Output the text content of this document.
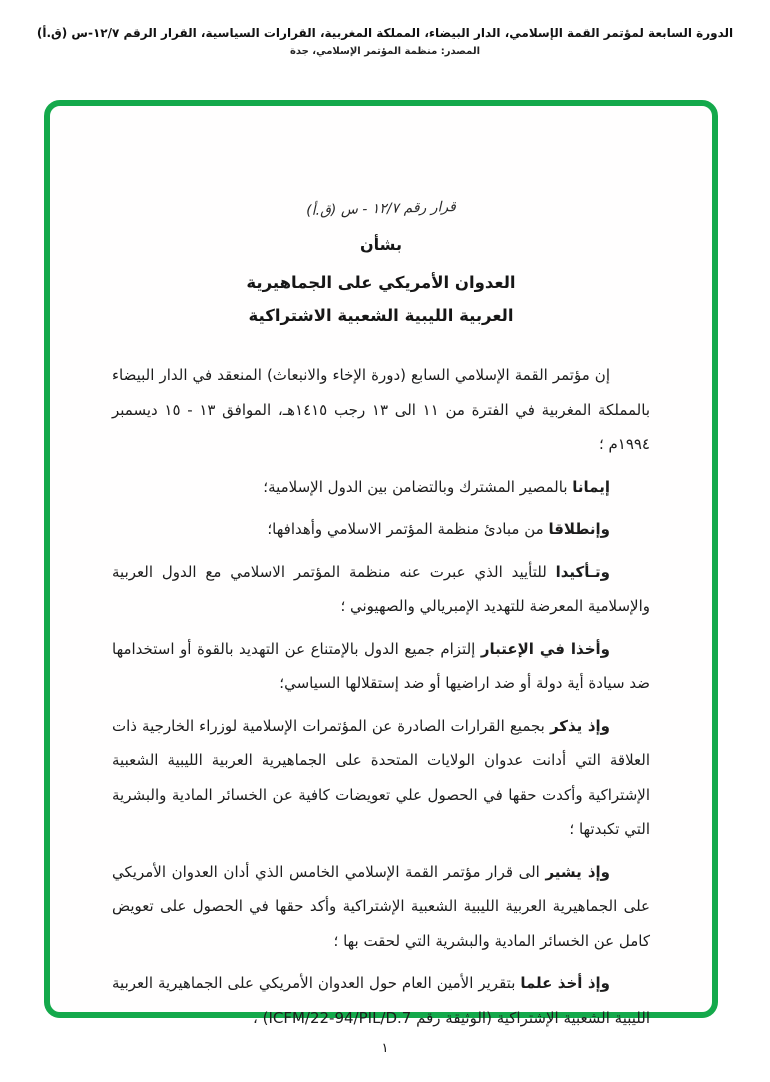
الدورة السابعة لمؤتمر القمة الإسلامي، الدار البيضاء، المملكة المغربية، القرارات السياسية، القرار الرقم ١٢/٧-س (ق.أ)
المصدر: منظمة المؤتمر الإسلامي، جدة
قرار رقم ١٢/٧ - س (ق.أ)
بشأن
العدوان الأمريكي على الجماهيرية
العربية الليبية الشعبية الاشتراكية

إن مؤتمر القمة الإسلامي السابع (دورة الإخاء والانبعاث) المنعقد في الدار البيضاء بالمملكة المغربية في الفترة من ١١ الى ١٣ رجب ١٤١٥هـ، الموافق ١٣ - ١٥ ديسمبر ١٩٩٤م ؛

إيمانا بالمصير المشترك وبالتضامن بين الدول الإسلامية؛

وإنطلاقا من مبادئ منظمة المؤتمر الاسلامي وأهدافها؛

وتـأكيدا للتأييد الذي عبرت عنه منظمة المؤتمر الاسلامي مع الدول العربية والإسلامية المعرضة للتهديد الإمبريالي والصهيوني ؛

وأخذا في الإعتبار إلتزام جميع الدول بالإمتناع عن التهديد بالقوة أو استخدامها ضد سيادة أية دولة أو ضد اراضيها أو ضد إستقلالها السياسي؛

وإذ يذكر بجميع القرارات الصادرة عن المؤتمرات الإسلامية لوزراء الخارجية ذات العلاقة التي أدانت عدوان الولايات المتحدة على الجماهيرية العربية الليبية الشعبية الإشتراكية وأكدت حقها في الحصول علي تعويضات كافية عن الخسائر المادية والبشرية التي تكبدتها ؛

وإذ يشير الى قرار مؤتمر القمة الإسلامي الخامس الذي أدان العدوان الأمريكي على الجماهيرية العربية الليبية الشعبية الإشتراكية وأكد حقها في الحصول على تعويض كامل عن الخسائر المادية والبشرية التي لحقت بها ؛

وإذ أخذ علما بتقرير الأمين العام حول العدوان الأمريكي على الجماهيرية العربية الليبية الشعبية الإشتراكية (الوثيقة رقم ICFM/22-94/PIL/D.7) ،

١
